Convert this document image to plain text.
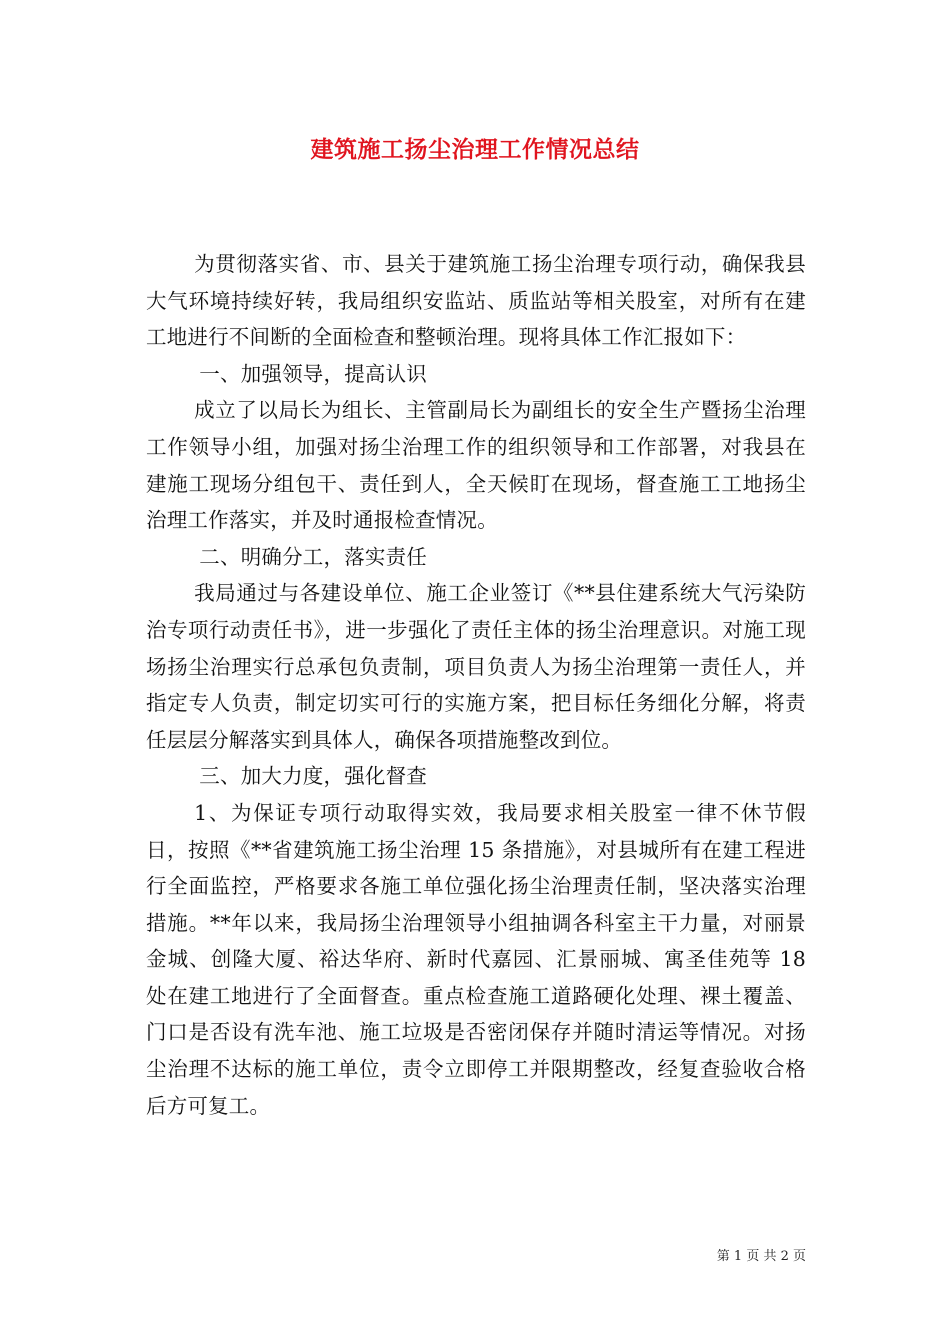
建筑施工扬尘治理工作情况总结

为贯彻落实省、市、县关于建筑施工扬尘治理专项行动，确保我县大气环境持续好转，我局组织安监站、质监站等相关股室，对所有在建工地进行不间断的全面检查和整顿治理。现将具体工作汇报如下：

一、加强领导，提高认识

成立了以局长为组长、主管副局长为副组长的安全生产暨扬尘治理工作领导小组，加强对扬尘治理工作的组织领导和工作部署，对我县在建施工现场分组包干、责任到人，全天候盯在现场，督查施工工地扬尘治理工作落实，并及时通报检查情况。

二、明确分工，落实责任

我局通过与各建设单位、施工企业签订《**县住建系统大气污染防治专项行动责任书》，进一步强化了责任主体的扬尘治理意识。对施工现场扬尘治理实行总承包负责制，项目负责人为扬尘治理第一责任人，并指定专人负责，制定切实可行的实施方案，把目标任务细化分解，将责任层层分解落实到具体人，确保各项措施整改到位。

三、加大力度，强化督查

1、为保证专项行动取得实效，我局要求相关股室一律不休节假日，按照《**省建筑施工扬尘治理 15 条措施》，对县城所有在建工程进行全面监控，严格要求各施工单位强化扬尘治理责任制，坚决落实治理措施。**年以来，我局扬尘治理领导小组抽调各科室主干力量，对丽景金城、创隆大厦、裕达华府、新时代嘉园、汇景丽城、寓圣佳苑等 18 处在建工地进行了全面督查。重点检查施工道路硬化处理、裸土覆盖、门口是否设有洗车池、施工垃圾是否密闭保存并随时清运等情况。对扬尘治理不达标的施工单位，责令立即停工并限期整改，经复查验收合格后方可复工。

第 1 页 共 2 页
